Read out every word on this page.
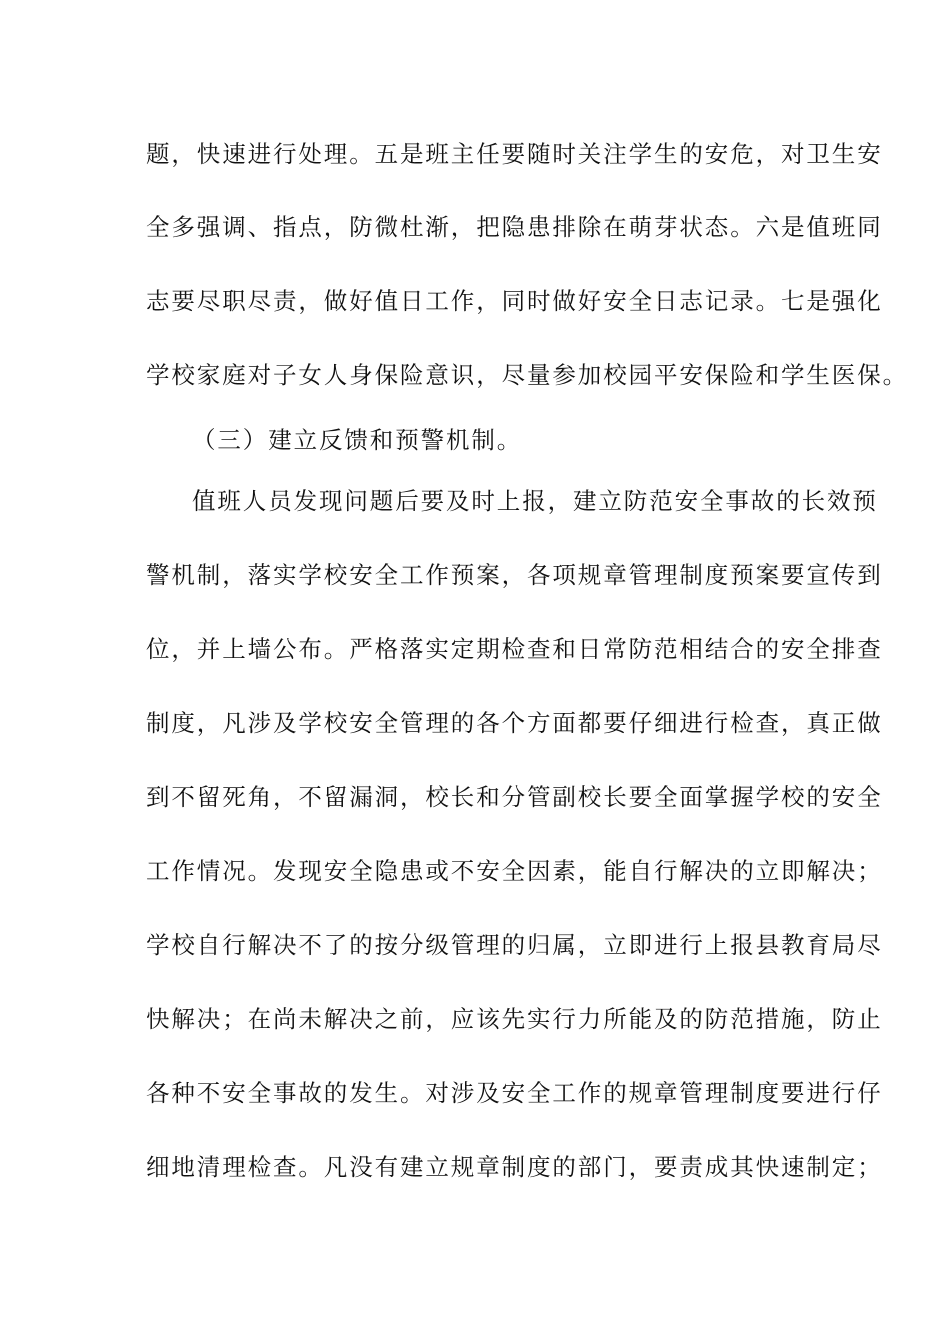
题，快速进行处理。五是班主任要随时关注学生的安危，对卫生安
全多强调、指点，防微杜渐，把隐患排除在萌芽状态。六是值班同
志要尽职尽责，做好值日工作，同时做好安全日志记录。七是强化
学校家庭对子女人身保险意识，尽量参加校园平安保险和学生医保。
（三）建立反馈和预警机制。
值班人员发现问题后要及时上报，建立防范安全事故的长效预
警机制，落实学校安全工作预案，各项规章管理制度预案要宣传到
位，并上墙公布。严格落实定期检查和日常防范相结合的安全排查
制度，凡涉及学校安全管理的各个方面都要仔细进行检查，真正做
到不留死角，不留漏洞，校长和分管副校长要全面掌握学校的安全
工作情况。发现安全隐患或不安全因素，能自行解决的立即解决；
学校自行解决不了的按分级管理的归属，立即进行上报县教育局尽
快解决；在尚未解决之前，应该先实行力所能及的防范措施，防止
各种不安全事故的发生。对涉及安全工作的规章管理制度要进行仔
细地清理检查。凡没有建立规章制度的部门，要责成其快速制定；
